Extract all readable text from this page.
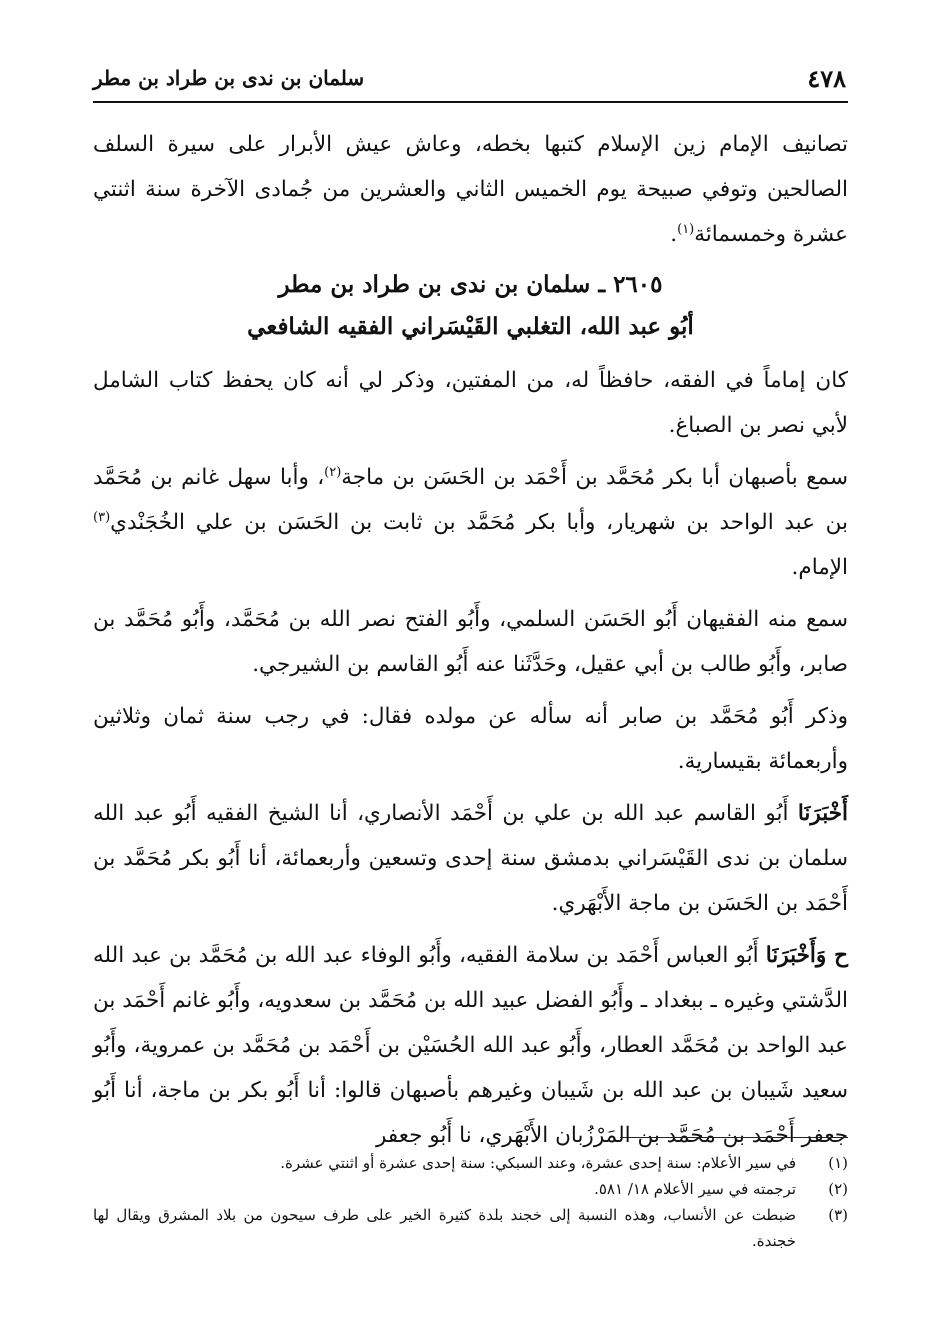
٤٧٨
سلمان بن ندى بن طراد بن مطر

تصانيف الإمام زين الإسلام كتبها بخطه، وعاش عيش الأبرار على سيرة السلف الصالحين وتوفي صبيحة يوم الخميس الثاني والعشرين من جُمادى الآخرة سنة اثنتي عشرة وخمسمائة$^{(١)}$.

٢٦٠٥ ـ سلمان بن ندى بن طراد بن مطر

أبُو عبد الله، التغلبي القَيْسَراني الفقيه الشافعي

كان إماماً في الفقه، حافظاً له، من المفتين، وذكر لي أنه كان يحفظ كتاب الشامل لأبي نصر بن الصباغ.

سمع بأصبهان أبا بكر مُحَمَّد بن أَحْمَد بن الحَسَن بن ماجة$^{(٢)}$، وأبا سهل غانم بن مُحَمَّد بن عبد الواحد بن شهريار، وأبا بكر مُحَمَّد بن ثابت بن الحَسَن بن علي الخُجَنْدي$^{(٣)}$ الإمام.

سمع منه الفقيهان أَبُو الحَسَن السلمي، وأَبُو الفتح نصر الله بن مُحَمَّد، وأَبُو مُحَمَّد بن صابر، وأَبُو طالب بن أبي عقيل، وحَدَّثَنا عنه أَبُو القاسم بن الشيرجي.

وذكر أَبُو مُحَمَّد بن صابر أنه سأله عن مولده فقال: في رجب سنة ثمان وثلاثين وأربعمائة بقيسارية.

أَخْبَرَنَا أَبُو القاسم عبد الله بن علي بن أَحْمَد الأنصاري، أنا الشيخ الفقيه أَبُو عبد الله سلمان بن ندى القَيْسَراني بدمشق سنة إحدى وتسعين وأربعمائة، أنا أَبُو بكر مُحَمَّد بن أَحْمَد بن الحَسَن بن ماجة الأَبْهَري.

ح وَأَخْبَرَنَا أَبُو العباس أَحْمَد بن سلامة الفقيه، وأَبُو الوفاء عبد الله بن مُحَمَّد بن عبد الله الدَّشتي وغيره ـ ببغداد ـ وأَبُو الفضل عبيد الله بن مُحَمَّد بن سعدويه، وأَبُو غانم أَحْمَد بن عبد الواحد بن مُحَمَّد العطار، وأَبُو عبد الله الحُسَيْن بن أَحْمَد بن مُحَمَّد بن عمروية، وأَبُو سعيد شَيبان بن عبد الله بن شَيبان وغيرهم بأصبهان قالوا: أنا أَبُو بكر بن ماجة، أنا أَبُو جعفر أَحْمَد بن مُحَمَّد بن المَرْزُبان الأَبْهَري، نا أَبُو جعفر

(١)
في سير الأعلام: سنة إحدى عشرة، وعند السبكي: سنة إحدى عشرة أو اثنتي عشرة.

(٢)
ترجمته في سير الأعلام ١٨/ ٥٨١.

(٣)
ضبطت عن الأنساب، وهذه النسبة إلى خجند بلدة كثيرة الخير على طرف سيحون من بلاد المشرق ويقال لها خجندة.
